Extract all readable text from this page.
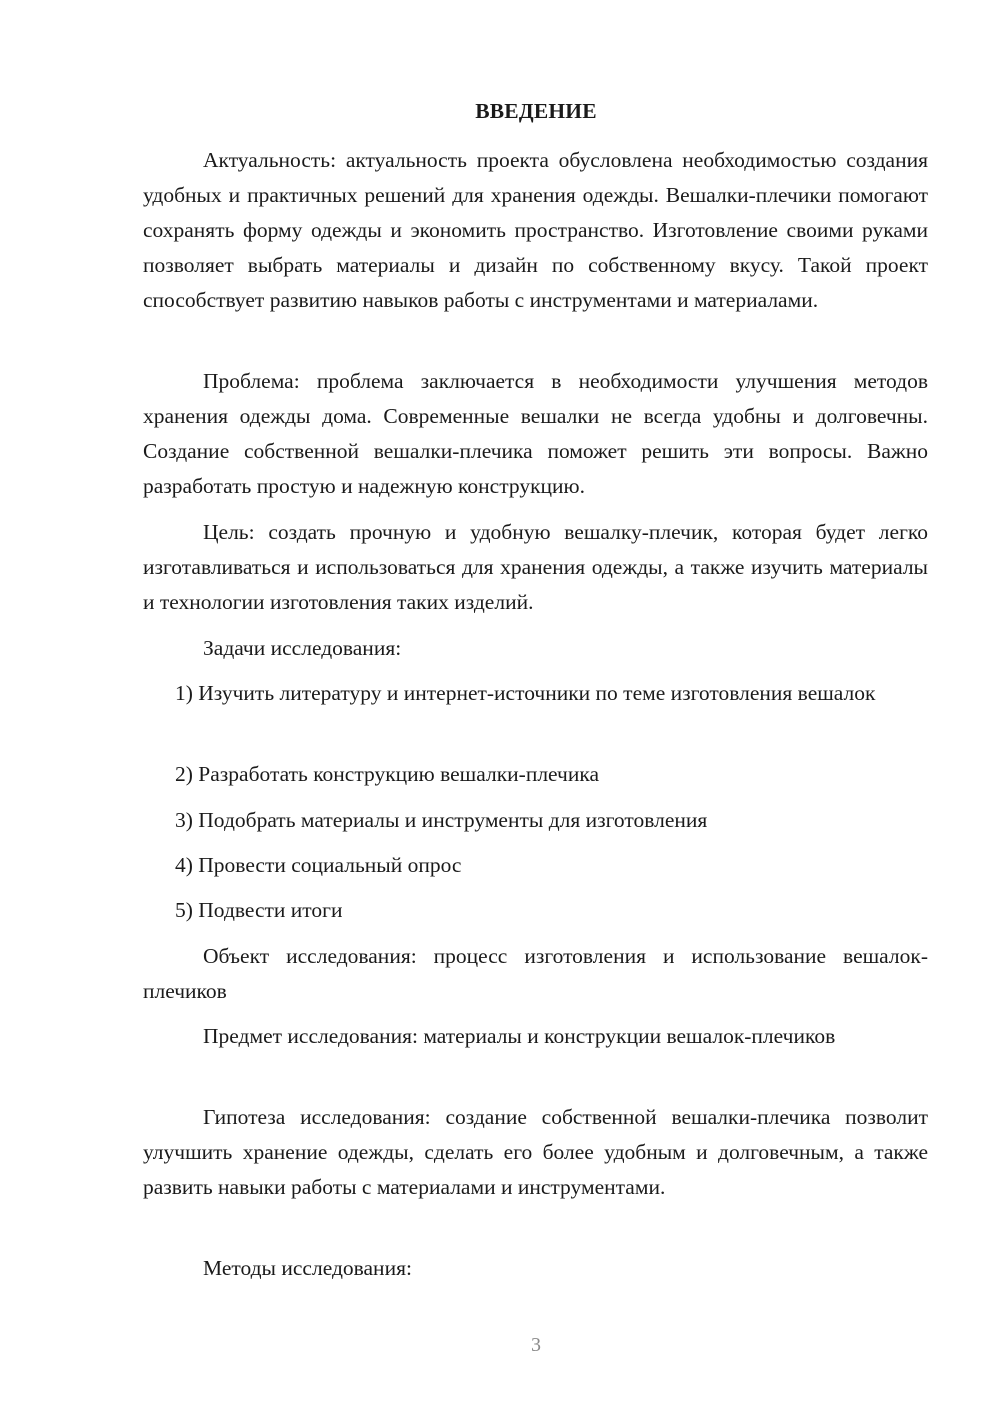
ВВЕДЕНИЕ

Актуальность: актуальность проекта обусловлена необходимостью создания удобных и практичных решений для хранения одежды. Вешалки-плечики помогают сохранять форму одежды и экономить пространство. Изготовление своими руками позволяет выбрать материалы и дизайн по собственному вкусу. Такой проект способствует развитию навыков работы с инструментами и материалами.

Проблема: проблема заключается в необходимости улучшения методов хранения одежды дома. Современные вешалки не всегда удобны и долговечны. Создание собственной вешалки-плечика поможет решить эти вопросы. Важно разработать простую и надежную конструкцию.

Цель: создать прочную и удобную вешалку-плечик, которая будет легко изготавливаться и использоваться для хранения одежды, а также изучить материалы и технологии изготовления таких изделий.

Задачи исследования:

1) Изучить литературу и интернет-источники по теме изготовления вешалок

2) Разработать конструкцию вешалки-плечика

3) Подобрать материалы и инструменты для изготовления

4) Провести социальный опрос

5) Подвести итоги

Объект исследования: процесс изготовления и использование вешалок-плечиков

Предмет исследования: материалы и конструкции вешалок-плечиков

Гипотеза исследования: создание собственной вешалки-плечика позволит улучшить хранение одежды, сделать его более удобным и долговечным, а также развить навыки работы с материалами и инструментами.

Методы исследования:

3
